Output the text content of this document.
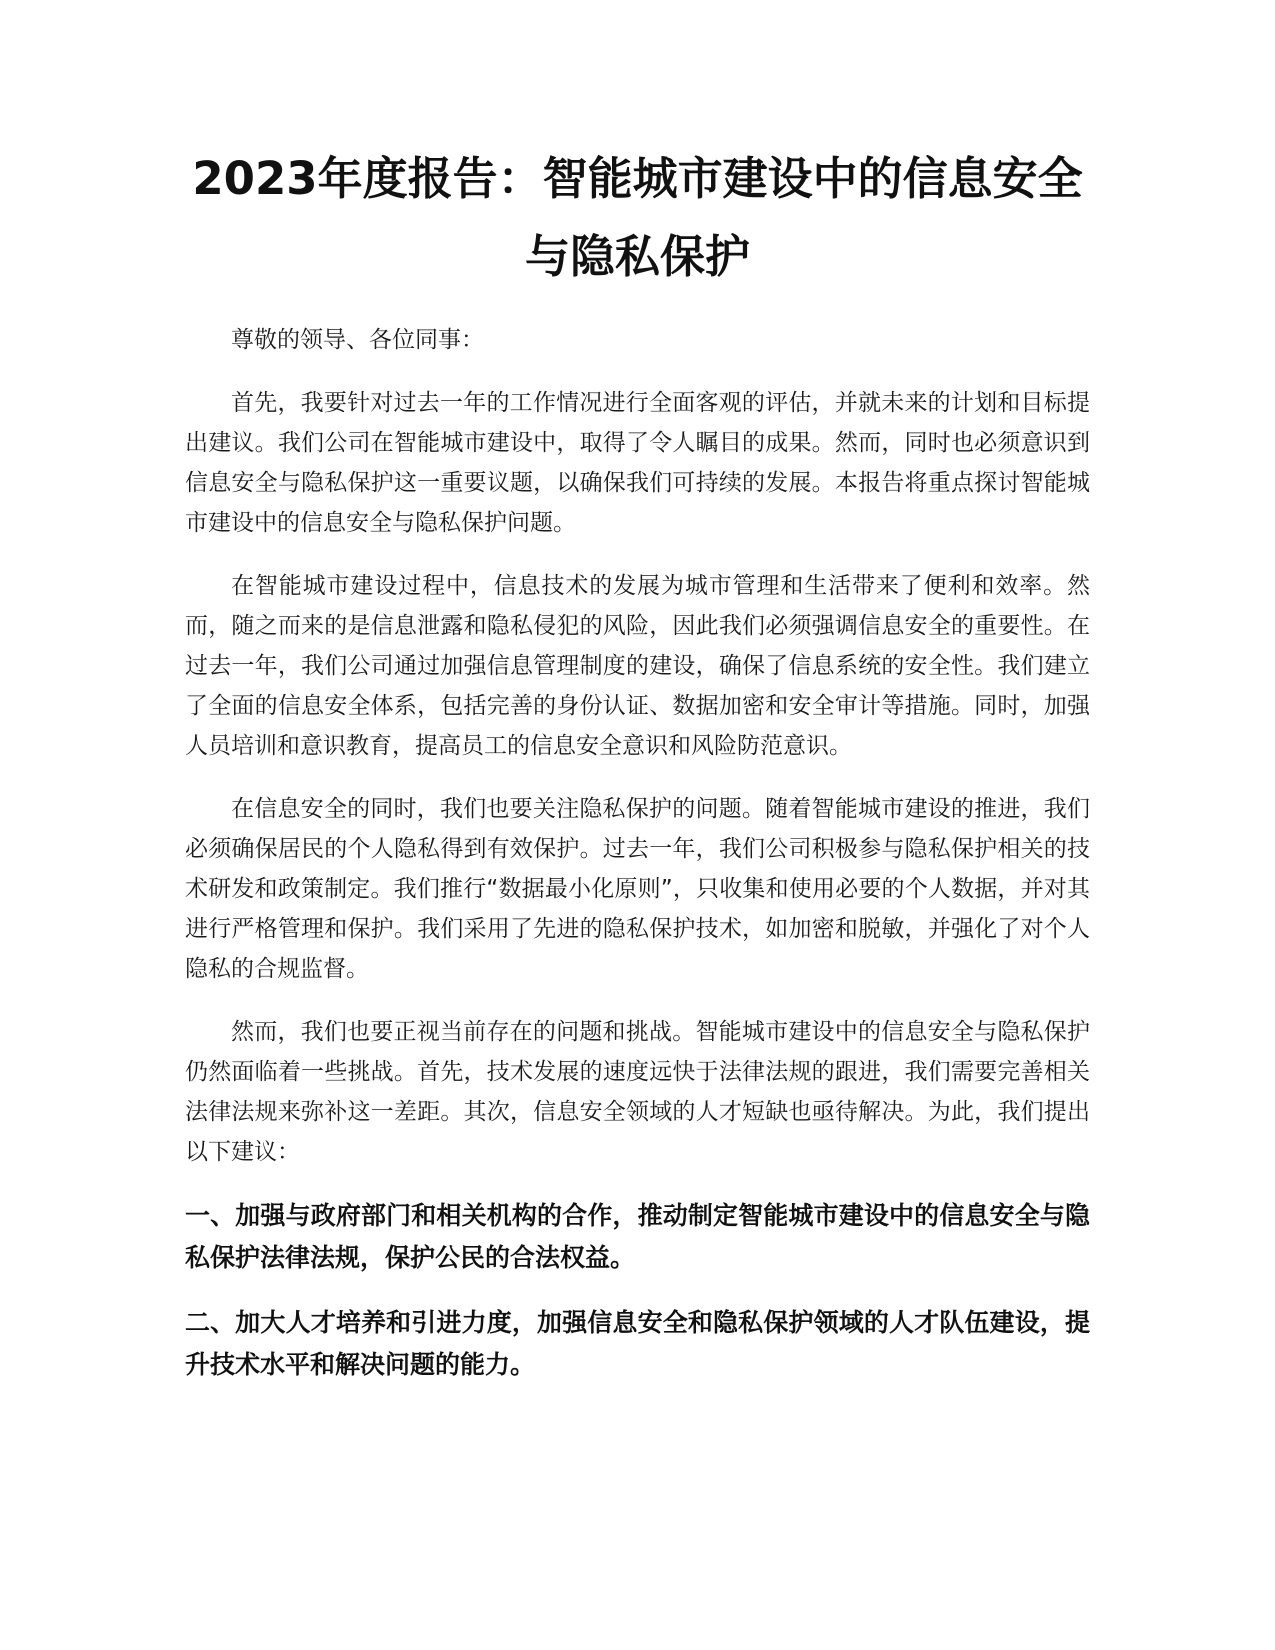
2023年度报告：智能城市建设中的信息安全与隐私保护

尊敬的领导、各位同事：

首先，我要针对过去一年的工作情况进行全面客观的评估，并就未来的计划和目标提出建议。我们公司在智能城市建设中，取得了令人瞩目的成果。然而，同时也必须意识到信息安全与隐私保护这一重要议题，以确保我们可持续的发展。本报告将重点探讨智能城市建设中的信息安全与隐私保护问题。

在智能城市建设过程中，信息技术的发展为城市管理和生活带来了便利和效率。然而，随之而来的是信息泄露和隐私侵犯的风险，因此我们必须强调信息安全的重要性。在过去一年，我们公司通过加强信息管理制度的建设，确保了信息系统的安全性。我们建立了全面的信息安全体系，包括完善的身份认证、数据加密和安全审计等措施。同时，加强人员培训和意识教育，提高员工的信息安全意识和风险防范意识。

在信息安全的同时，我们也要关注隐私保护的问题。随着智能城市建设的推进，我们必须确保居民的个人隐私得到有效保护。过去一年，我们公司积极参与隐私保护相关的技术研发和政策制定。我们推行“数据最小化原则”，只收集和使用必要的个人数据，并对其进行严格管理和保护。我们采用了先进的隐私保护技术，如加密和脱敏，并强化了对个人隐私的合规监督。

然而，我们也要正视当前存在的问题和挑战。智能城市建设中的信息安全与隐私保护仍然面临着一些挑战。首先，技术发展的速度远快于法律法规的跟进，我们需要完善相关法律法规来弥补这一差距。其次，信息安全领域的人才短缺也亟待解决。为此，我们提出以下建议：

一、加强与政府部门和相关机构的合作，推动制定智能城市建设中的信息安全与隐私保护法律法规，保护公民的合法权益。

二、加大人才培养和引进力度，加强信息安全和隐私保护领域的人才队伍建设，提升技术水平和解决问题的能力。
